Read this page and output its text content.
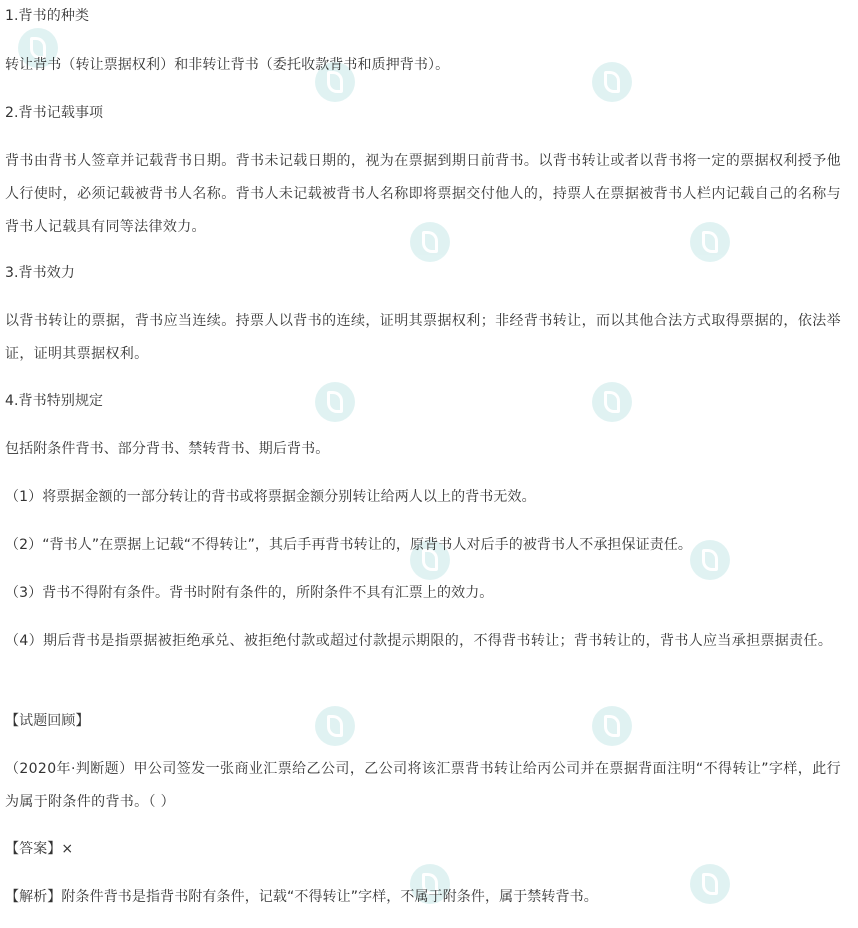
1.背书的种类
转让背书（转让票据权利）和非转让背书（委托收款背书和质押背书）。
2.背书记载事项
背书由背书人签章并记载背书日期。背书未记载日期的，视为在票据到期日前背书。以背书转让或者以背书将一定的票据权利授予他人行使时，必须记载被背书人名称。背书人未记载被背书人名称即将票据交付他人的，持票人在票据被背书人栏内记载自己的名称与背书人记载具有同等法律效力。
3.背书效力
以背书转让的票据，背书应当连续。持票人以背书的连续，证明其票据权利；非经背书转让，而以其他合法方式取得票据的，依法举证，证明其票据权利。
4.背书特别规定
包括附条件背书、部分背书、禁转背书、期后背书。
（1）将票据金额的一部分转让的背书或将票据金额分别转让给两人以上的背书无效。
（2）“背书人”在票据上记载“不得转让”，其后手再背书转让的，原背书人对后手的被背书人不承担保证责任。
（3）背书不得附有条件。背书时附有条件的，所附条件不具有汇票上的效力。
（4）期后背书是指票据被拒绝承兑、被拒绝付款或超过付款提示期限的，不得背书转让；背书转让的，背书人应当承担票据责任。
【试题回顾】
（2020年·判断题）甲公司签发一张商业汇票给乙公司，乙公司将该汇票背书转让给丙公司并在票据背面注明“不得转让”字样，此行为属于附条件的背书。（ ）
【答案】×
【解析】附条件背书是指背书附有条件，记载“不得转让”字样，不属于附条件，属于禁转背书。
